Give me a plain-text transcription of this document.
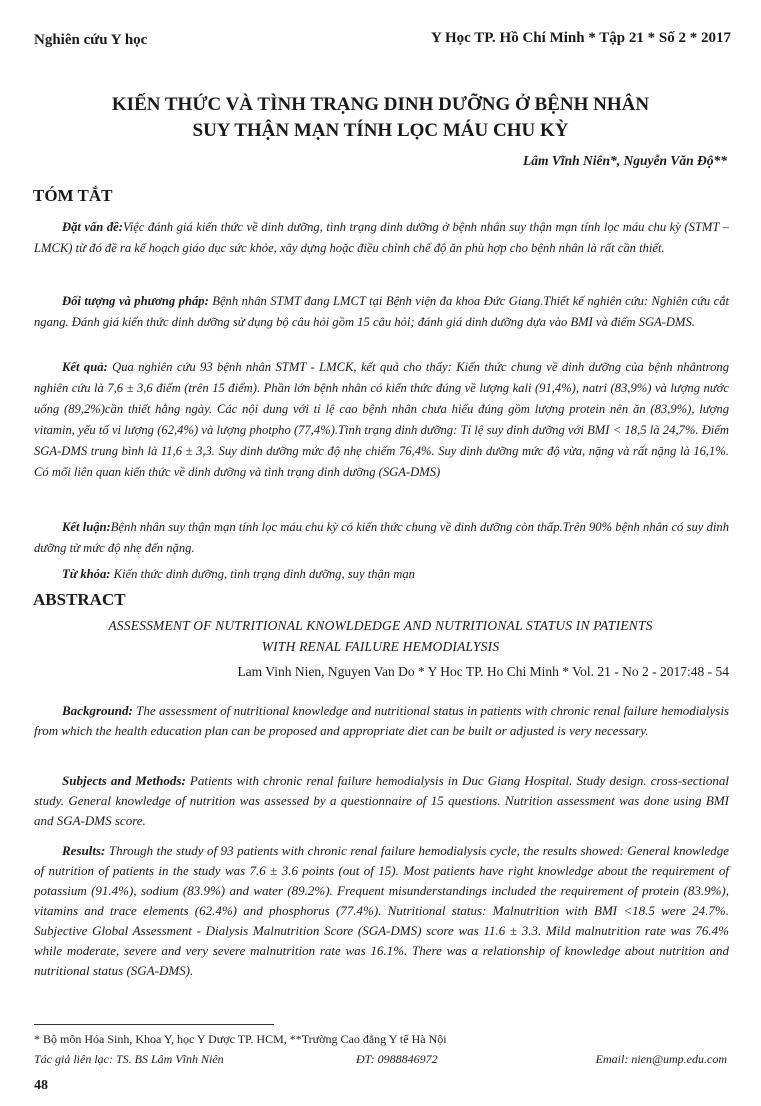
Nghiên cứu Y học	Y Học TP. Hồ Chí Minh * Tập 21 * Số 2 * 2017
KIẾN THỨC VÀ TÌNH TRẠNG DINH DƯỠNG Ở BỆNH NHÂN
SUY THẬN MẠN TÍNH LỌC MÁU CHU KỲ
Lâm Vĩnh Niên*, Nguyễn Văn Độ**
TÓM TẮT
Đặt vấn đề:Việc đánh giá kiến thức về dinh dưỡng, tình trạng dinh dưỡng ở bệnh nhân suy thận mạn tính lọc máu chu kỳ (STMT – LMCK) từ đó đề ra kế hoạch giáo dục sức khỏe, xây dựng hoặc điều chỉnh chế độ ăn phù hợp cho bệnh nhân là rất cần thiết.
Đối tượng và phương pháp: Bệnh nhân STMT đang LMCT tại Bệnh viện đa khoa Đức Giang.Thiết kế nghiên cứu: Nghiên cứu cắt ngang. Đánh giá kiến thức dinh dưỡng sử dụng bộ câu hỏi gồm 15 câu hỏi; đánh giá dinh dưỡng dựa vào BMI và điểm SGA-DMS.
Kết quả: Qua nghiên cứu 93 bệnh nhân STMT - LMCK, kết quả cho thấy: Kiến thức chung về dinh dưỡng của bệnh nhântrong nghiên cứu là 7,6 ± 3,6 điểm (trên 15 điểm). Phần lớn bệnh nhân có kiến thức đúng về lượng kali (91,4%), natri (83,9%) và lượng nước uống (89,2%)cần thiết hằng ngày. Các nội dung với tỉ lệ cao bệnh nhân chưa hiểu đúng gồm lượng protein nên ăn (83,9%), lượng vitamin, yếu tố vi lượng (62,4%) và lượng photpho (77,4%).Tình trạng dinh dưỡng: Tỉ lệ suy dinh dưỡng với BMI < 18,5 là 24,7%. Điểm SGA-DMS trung bình là 11,6 ± 3,3. Suy dinh dưỡng mức độ nhẹ chiếm 76,4%. Suy dinh dưỡng mức độ vừa, nặng và rất nặng là 16,1%. Có mối liên quan kiến thức về dinh dưỡng và tình trạng dinh dưỡng (SGA-DMS)
Kết luận:Bệnh nhân suy thận mạn tính lọc máu chu kỳ có kiến thức chung về dinh dưỡng còn thấp.Trên 90% bệnh nhân có suy dinh dưỡng từ mức độ nhẹ đến nặng.
Từ khóa: Kiến thức dinh dưỡng, tình trạng dinh dưỡng, suy thận mạn
ABSTRACT
ASSESSMENT OF NUTRITIONAL KNOWLDEDGE AND NUTRITIONAL STATUS IN PATIENTS
WITH RENAL FAILURE HEMODIALYSIS
Lam Vinh Nien, Nguyen Van Do * Y Hoc TP. Ho Chi Minh * Vol. 21 - No 2 - 2017:48 - 54
Background: The assessment of nutritional knowledge and nutritional status in patients with chronic renal failure hemodialysis from which the health education plan can be proposed and appropriate diet can be built or adjusted is very necessary.
Subjects and Methods: Patients with chronic renal failure hemodialysis in Duc Giang Hospital. Study design. cross-sectional study. General knowledge of nutrition was assessed by a questionnaire of 15 questions. Nutrition assessment was done using BMI and SGA-DMS score.
Results: Through the study of 93 patients with chronic renal failure hemodialysis cycle, the results showed: General knowledge of nutrition of patients in the study was 7.6 ± 3.6 points (out of 15). Most patients have right knowledge about the requirement of potassium (91.4%), sodium (83.9%) and water (89.2%). Frequent misunderstandings included the requirement of protein (83.9%), vitamins and trace elements (62.4%) and phosphorus (77.4%). Nutritional status: Malnutrition with BMI <18.5 were 24.7%. Subjective Global Assessment - Dialysis Malnutrition Score (SGA-DMS) score was 11.6 ± 3.3. Mild malnutrition rate was 76.4% while moderate, severe and very severe malnutrition rate was 16.1%. There was a relationship of knowledge about nutrition and nutritional status (SGA-DMS).
* Bộ môn Hóa Sinh, Khoa Y, học Y Dược TP. HCM, **Trường Cao đẳng Y tế Hà Nội
Tác giả liên lạc: TS. BS Lâm Vĩnh Niên	ĐT: 0988846972	Email: nien@ump.edu.com
48
